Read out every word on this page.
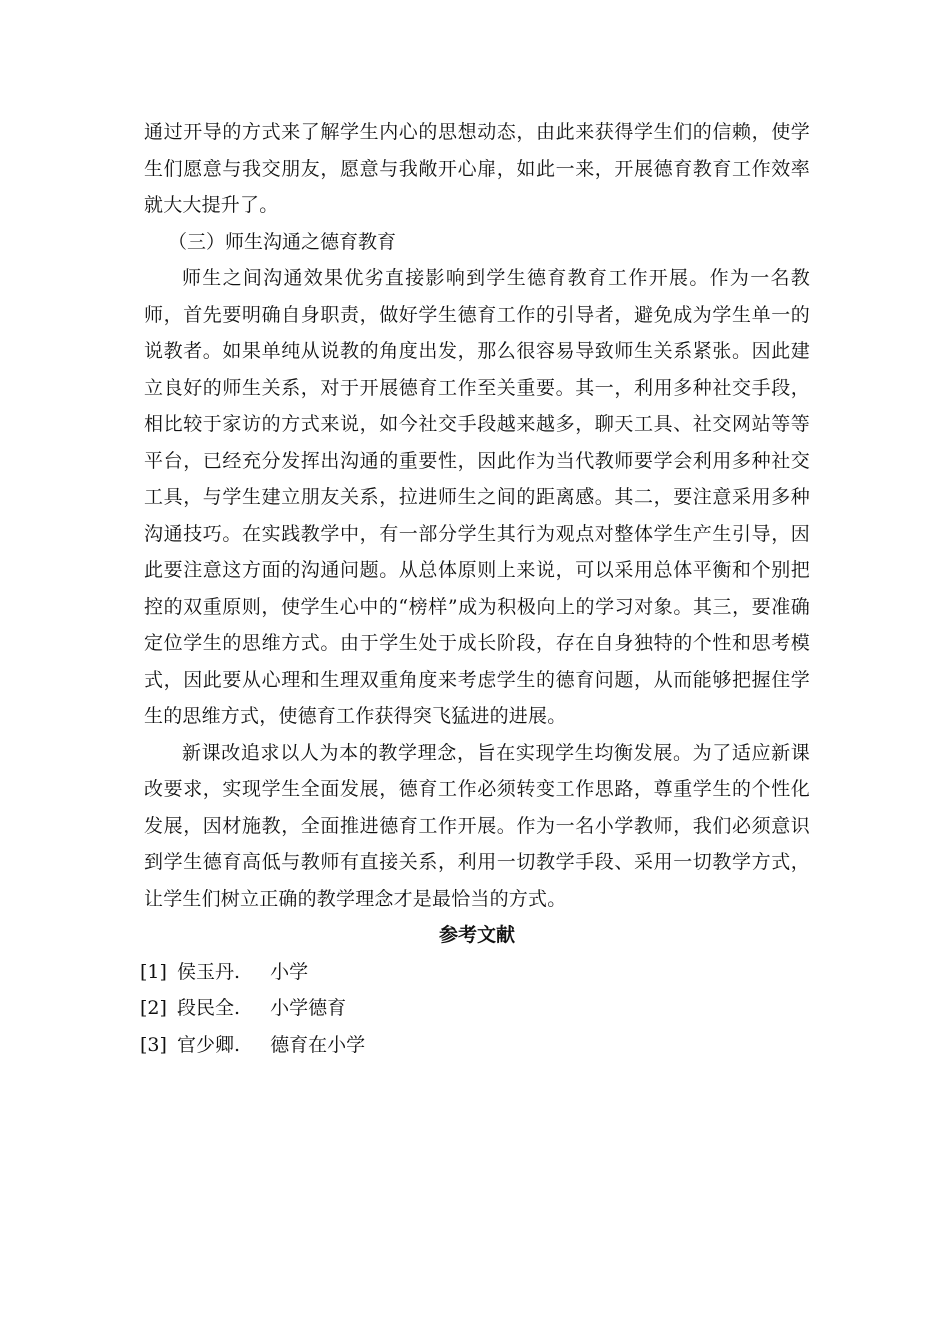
通过开导的方式来了解学生内心的思想动态，由此来获得学生们的信赖，使学生们愿意与我交朋友，愿意与我敞开心扉，如此一来，开展德育教育工作效率就大大提升了。

（三）师生沟通之德育教育

师生之间沟通效果优劣直接影响到学生德育教育工作开展。作为一名教师，首先要明确自身职责，做好学生德育工作的引导者，避免成为学生单一的说教者。如果单纯从说教的角度出发，那么很容易导致师生关系紧张。因此建立良好的师生关系，对于开展德育工作至关重要。其一，利用多种社交手段，相比较于家访的方式来说，如今社交手段越来越多，聊天工具、社交网站等等平台，已经充分发挥出沟通的重要性，因此作为当代教师要学会利用多种社交工具，与学生建立朋友关系，拉进师生之间的距离感。其二，要注意采用多种沟通技巧。在实践教学中，有一部分学生其行为观点对整体学生产生引导，因此要注意这方面的沟通问题。从总体原则上来说，可以采用总体平衡和个别把控的双重原则，使学生心中的“榜样”成为积极向上的学习对象。其三，要准确定位学生的思维方式。由于学生处于成长阶段，存在自身独特的个性和思考模式，因此要从心理和生理双重角度来考虑学生的德育问题，从而能够把握住学生的思维方式，使德育工作获得突飞猛进的进展。

新课改追求以人为本的教学理念，旨在实现学生均衡发展。为了适应新课改要求，实现学生全面发展，德育工作必须转变工作思路，尊重学生的个性化发展，因材施教，全面推进德育工作开展。作为一名小学教师，我们必须意识到学生德育高低与教师有直接关系，利用一切教学手段、采用一切教学方式，让学生们树立正确的教学理念才是最恰当的方式。

参考文献

[1] 侯玉丹. 小学

[2] 段民全. 小学德育

[3] 官少卿. 德育在小学
